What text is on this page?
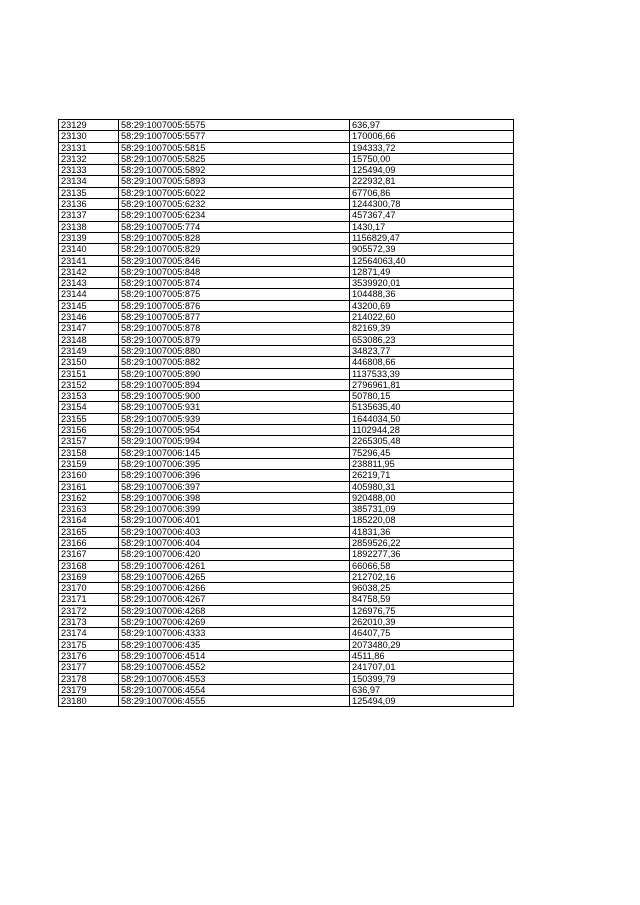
23129	58:29:1007005:5575	636,97
23130	58:29:1007005:5577	170006,66
23131	58:29:1007005:5815	194333,72
23132	58:29:1007005:5825	15750,00
23133	58:29:1007005:5892	125494,09
23134	58:29:1007005:5893	222932,81
23135	58:29:1007005:6022	67706,86
23136	58:29:1007005:6232	1244300,78
23137	58:29:1007005:6234	457367,47
23138	58:29:1007005:774	1430,17
23139	58:29:1007005:828	1156829,47
23140	58:29:1007005:829	905572,39
23141	58:29:1007005:846	12564063,40
23142	58:29:1007005:848	12871,49
23143	58:29:1007005:874	3539920,01
23144	58:29:1007005:875	104488,36
23145	58:29:1007005:876	43200,69
23146	58:29:1007005:877	214022,60
23147	58:29:1007005:878	82169,39
23148	58:29:1007005:879	653086,23
23149	58:29:1007005:880	34823,77
23150	58:29:1007005:882	446808,66
23151	58:29:1007005:890	1137533,39
23152	58:29:1007005:894	2796961,81
23153	58:29:1007005:900	50780,15
23154	58:29:1007005:931	5135635,40
23155	58:29:1007005:939	1644034,50
23156	58:29:1007005:954	1102944,28
23157	58:29:1007005:994	2265305,48
23158	58:29:1007006:145	75296,45
23159	58:29:1007006:395	238811,95
23160	58:29:1007006:396	26219,71
23161	58:29:1007006:397	405980,31
23162	58:29:1007006:398	920488,00
23163	58:29:1007006:399	385731,09
23164	58:29:1007006:401	185220,08
23165	58:29:1007006:403	41831,36
23166	58:29:1007006:404	2859526,22
23167	58:29:1007006:420	1892277,36
23168	58:29:1007006:4261	66066,58
23169	58:29:1007006:4265	212702,16
23170	58:29:1007006:4266	96038,25
23171	58:29:1007006:4267	84758,59
23172	58:29:1007006:4268	126976,75
23173	58:29:1007006:4269	262010,39
23174	58:29:1007006:4333	46407,75
23175	58:29:1007006:435	2073480,29
23176	58:29:1007006:4514	4511,86
23177	58:29:1007006:4552	241707,01
23178	58:29:1007006:4553	150399,79
23179	58:29:1007006:4554	636,97
23180	58:29:1007006:4555	125494,09
